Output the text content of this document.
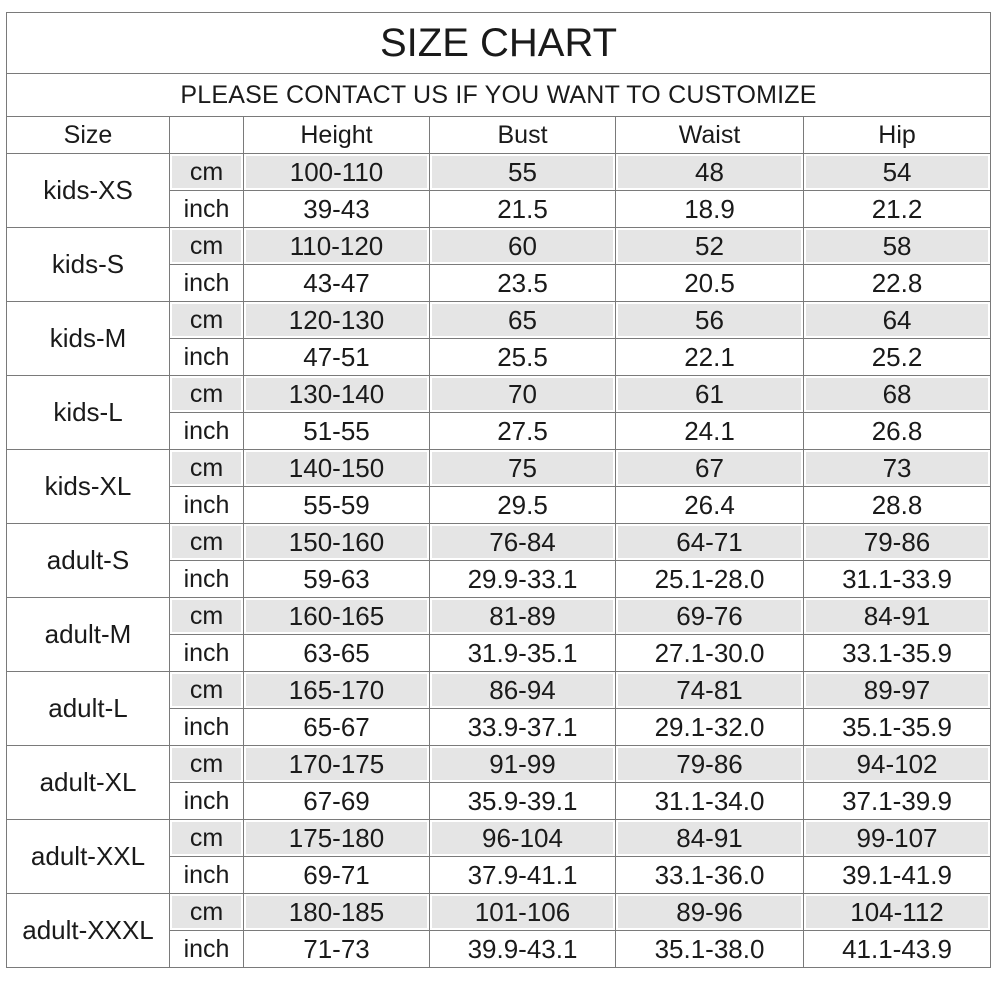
SIZE CHART					
PLEASE CONTACT US IF YOU WANT TO CUSTOMIZE					
Size		Height	Bust	Waist	Hip
kids-XS	cm	100-110	55	48	54

	inch	39-43	21.5	18.9	21.2

kids-S	cm	110-120	60	52	58

	inch	43-47	23.5	20.5	22.8

kids-M	cm	120-130	65	56	64

	inch	47-51	25.5	22.1	25.2

kids-L	cm	130-140	70	61	68

	inch	51-55	27.5	24.1	26.8

kids-XL	cm	140-150	75	67	73

	inch	55-59	29.5	26.4	28.8

adult-S	cm	150-160	76-84	64-71	79-86

	inch	59-63	29.9-33.1	25.1-28.0	31.1-33.9

adult-M	cm	160-165	81-89	69-76	84-91

	inch	63-65	31.9-35.1	27.1-30.0	33.1-35.9

adult-L	cm	165-170	86-94	74-81	89-97

	inch	65-67	33.9-37.1	29.1-32.0	35.1-35.9

adult-XL	cm	170-175	91-99	79-86	94-102

	inch	67-69	35.9-39.1	31.1-34.0	37.1-39.9

adult-XXL	cm	175-180	96-104	84-91	99-107

	inch	69-71	37.9-41.1	33.1-36.0	39.1-41.9

adult-XXXL	cm	180-185	101-106	89-96	104-112

	inch	71-73	39.9-43.1	35.1-38.0	41.1-43.9
